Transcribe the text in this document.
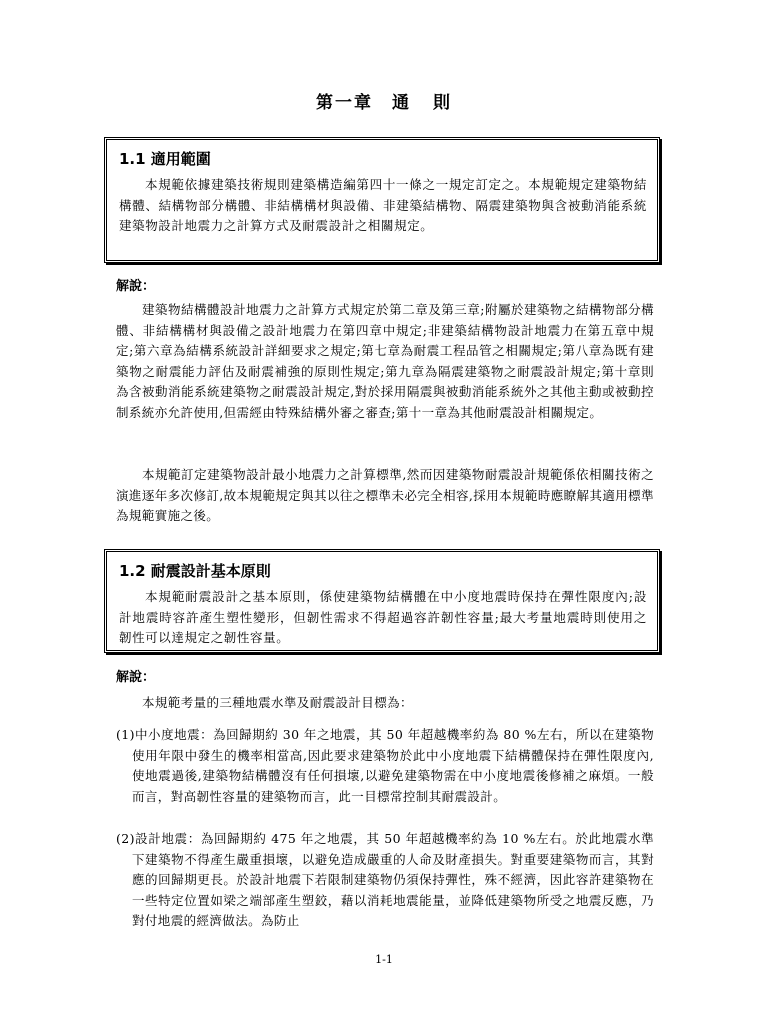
第一章　通 則
1.1 適用範圍

本規範依據建築技術規則建築構造編第四十一條之一規定訂定之。本規範規定建築物結構體、結構物部分構體、非結構構材與設備、非建築結構物、隔震建築物與含被動消能系統建築物設計地震力之計算方式及耐震設計之相關規定。

解說：

建築物結構體設計地震力之計算方式規定於第二章及第三章;附屬於建築物之結構物部分構體、非結構構材與設備之設計地震力在第四章中規定;非建築結構物設計地震力在第五章中規定;第六章為結構系統設計詳細要求之規定;第七章為耐震工程品管之相關規定;第八章為既有建築物之耐震能力評估及耐震補強的原則性規定;第九章為隔震建築物之耐震設計規定;第十章則為含被動消能系統建築物之耐震設計規定,對於採用隔震與被動消能系統外之其他主動或被動控制系統亦允許使用,但需經由特殊結構外審之審查;第十一章為其他耐震設計相關規定。

本規範訂定建築物設計最小地震力之計算標準,然而因建築物耐震設計規範係依相關技術之演進逐年多次修訂,故本規範規定與其以往之標準未必完全相容,採用本規範時應瞭解其適用標準為規範實施之後。

1.2 耐震設計基本原則

本規範耐震設計之基本原則，係使建築物結構體在中小度地震時保持在彈性限度內;設計地震時容許產生塑性變形，但韌性需求不得超過容許韌性容量;最大考量地震時則使用之韌性可以達規定之韌性容量。

解說：

本規範考量的三種地震水準及耐震設計目標為：

(1)中小度地震：為回歸期約 30 年之地震，其 50 年超越機率約為 80 %左右，所以在建築物使用年限中發生的機率相當高,因此要求建築物於此中小度地震下結構體保持在彈性限度內,使地震過後,建築物結構體沒有任何損壞,以避免建築物需在中小度地震後修補之麻煩。一般而言，對高韌性容量的建築物而言，此一目標常控制其耐震設計。

(2)設計地震：為回歸期約 475 年之地震，其 50 年超越機率約為 10 %左右。於此地震水準下建築物不得產生嚴重損壞，以避免造成嚴重的人命及財產損失。對重要建築物而言，其對應的回歸期更長。於設計地震下若限制建築物仍須保持彈性，殊不經濟，因此容許建築物在一些特定位置如梁之端部產生塑鉸，藉以消耗地震能量，並降低建築物所受之地震反應，乃對付地震的經濟做法。為防止

1-1
